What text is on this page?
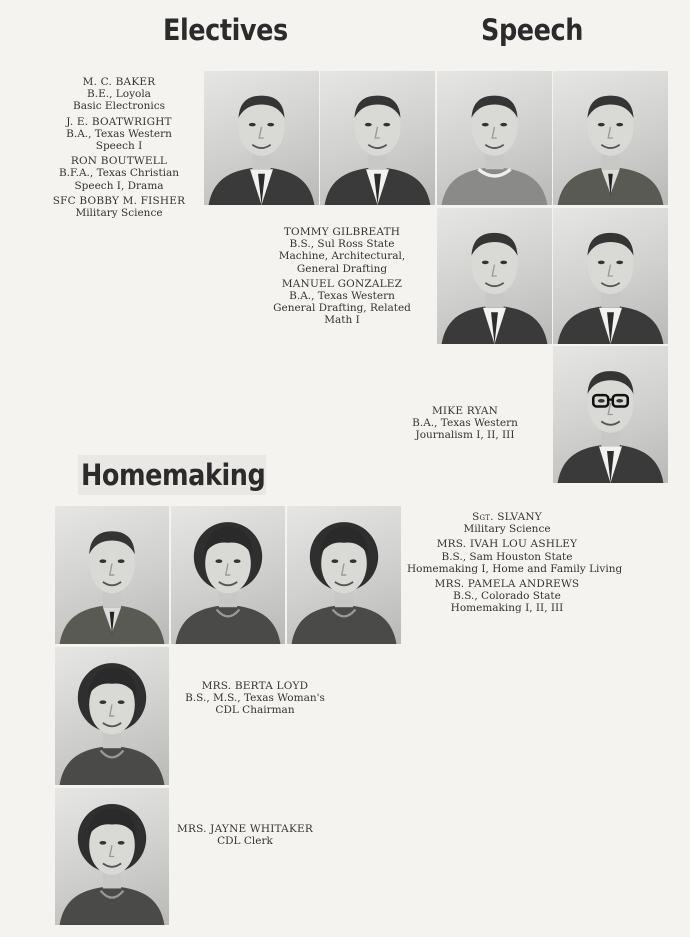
Electives	Speech
Homemaking
M. C. BAKER
B.E., Loyola
Basic Electronics
J. E. BOATWRIGHT
B.A., Texas Western
Speech I
RON BOUTWELL
B.F.A., Texas Christian
Speech I, Drama
SFC BOBBY M. FISHER
Military Science
TOMMY GILBREATH
B.S., Sul Ross State
Machine, Architectural,
General Drafting
MANUEL GONZALEZ
B.A., Texas Western
General Drafting, Related
Math I
MIKE RYAN
B.A., Texas Western
Journalism I, II, III
Sgt. SLVANY
Military Science
MRS. IVAH LOU ASHLEY
B.S., Sam Houston State
Homemaking I, Home and Family Living
MRS. PAMELA ANDREWS
B.S., Colorado State
Homemaking I, II, III
MRS. BERTA LOYD
B.S., M.S., Texas Woman's
CDL Chairman
MRS. JAYNE WHITAKER
CDL Clerk
